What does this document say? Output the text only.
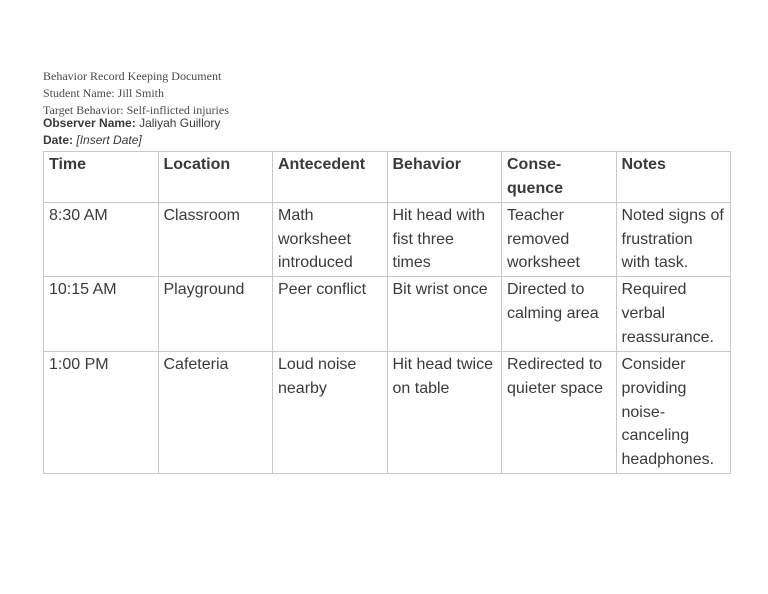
Behavior Record Keeping Document
Student Name: Jill Smith
Target Behavior: Self-inflicted injuries
Observer Name: Jaliyah Guillory
Date: [Insert Date]
Time	Location	Antecedent	Behavior	Conse-quence	Notes
8:30 AM	Classroom	Math worksheet introduced	Hit head with fist three times	Teacher removed worksheet	Noted signs of frustration with task.
10:15 AM	Playground	Peer conflict	Bit wrist once	Directed to calming area	Required verbal reassurance.
1:00 PM	Cafeteria	Loud noise nearby	Hit head twice on table	Redirected to quieter space	Consider providing noise-canceling headphones.
